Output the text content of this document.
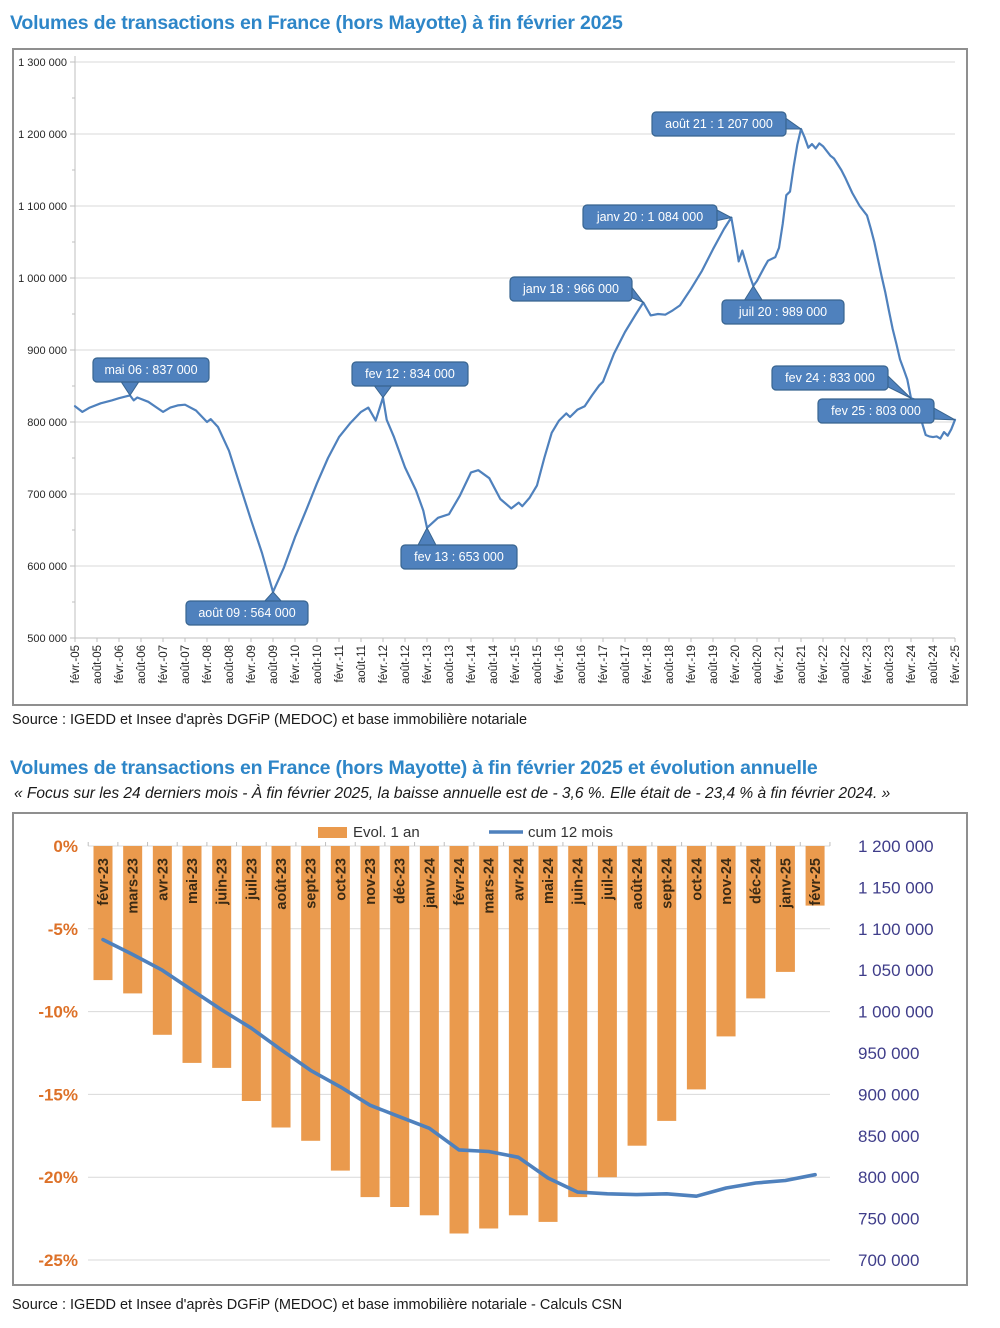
Volumes de transactions en France (hors Mayotte) à fin février 2025
1 300 000
1 200 000
1 100 000
1 000 000
900 000
800 000
700 000
600 000
500 000
févr.-05 août-05 févr.-06 août-06 févr.-07 août-07 févr.-08 août-08 févr.-09 août-09 févr.-10 août-10 févr.-11 août-11 févr.-12 août-12 févr.-13 août-13 févr.-14 août-14 févr.-15 août-15 févr.-16 août-16 févr.-17 août-17 févr.-18 août-18 févr.-19 août-19 févr.-20 août-20 févr.-21 août-21 févr.-22 août-22 févr.-23 août-23 févr.-24 août-24 févr.-25
mai 06 : 837 000	fev 12 : 834 000
août 09 : 564 000
fev 13 : 653 000
janv 18 : 966 000
janv 20 : 1 084 000
juil 20 : 989 000
août 21 : 1 207 000
fev 24 : 833 000
fev 25 : 803 000
Source : IGEDD et Insee d'après DGFiP (MEDOC) et base immobilière notariale
Volumes de transactions en France (hors Mayotte) à fin février 2025 et évolution annuelle
« Focus sur les 24 derniers mois - À fin février 2025, la baisse annuelle est de - 3,6 %. Elle était de - 23,4 % à fin février 2024. »
0%
-5%
-10%
-15%
-20%
-25%
1 200 000
1 150 000
1 100 000
1 050 000
1 000 000
950 000
900 000
850 000
800 000
750 000
700 000
févr-23 mars-23 avr-23 mai-23 juin-23 juil-23 août-23 sept-23 oct-23 nov-23 déc-23 janv-24 févr-24 mars-24 avr-24 mai-24 juin-24 juil-24 août-24 sept-24 oct-24 nov-24 déc-24 janv-25 févr-25
Evol. 1 an	cum 12 mois
Source : IGEDD et Insee d'après DGFiP (MEDOC) et base immobilière notariale - Calculs CSN
